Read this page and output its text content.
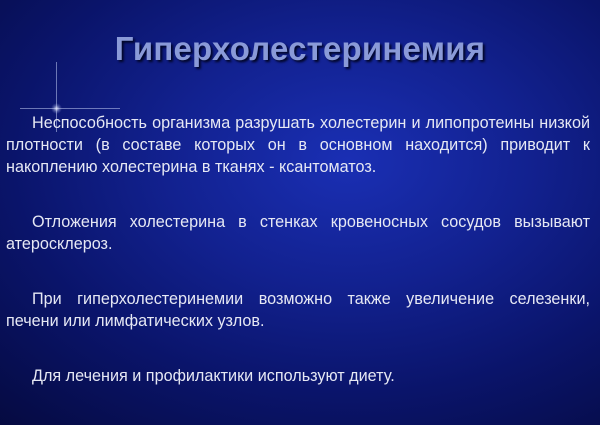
Гиперхолестеринемия

Неспособность организма разрушать холестерин и липопротеины низкой плотности (в составе которых он в основном находится) приводит к накоплению холестерина в тканях - ксантоматоз.

Отложения холестерина в стенках кровеносных сосудов вызывают атеросклероз.

При гиперхолестеринемии возможно также увеличение селезенки, печени или лимфатических узлов.

Для лечения и профилактики используют диету.
